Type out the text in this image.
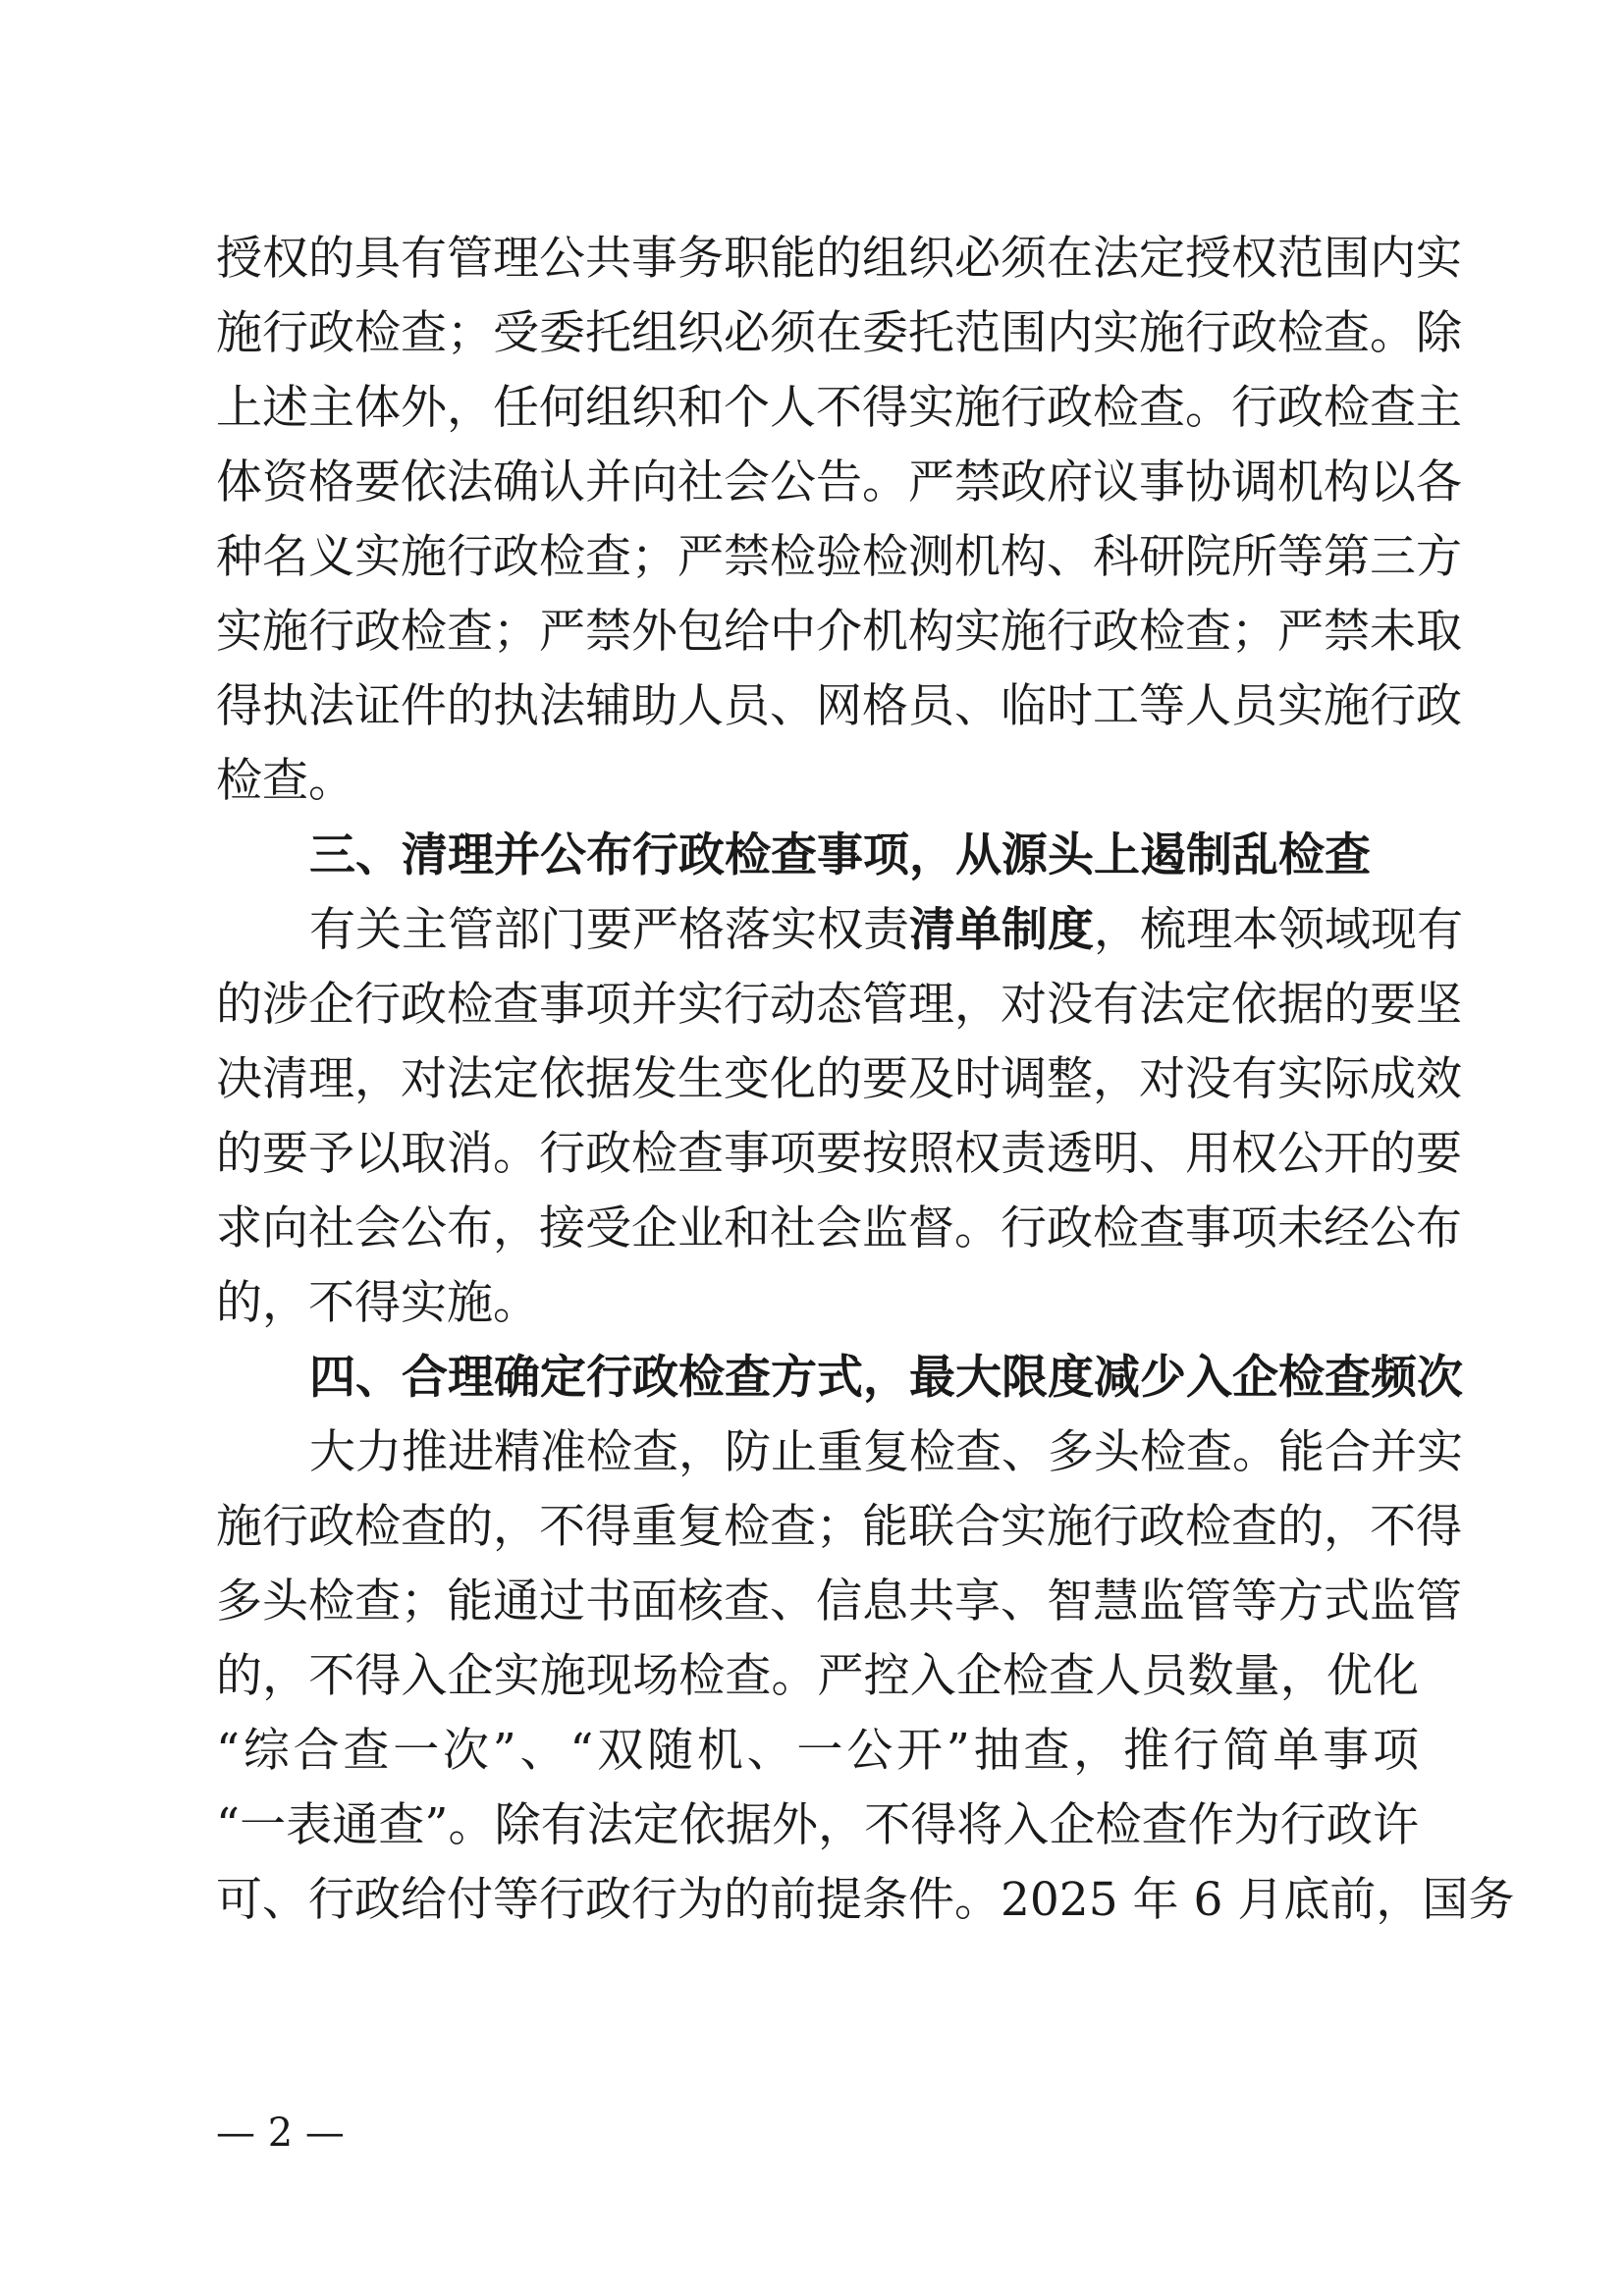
授权的具有管理公共事务职能的组织必须在法定授权范围内实
施行政检查；受委托组织必须在委托范围内实施行政检查。除
上述主体外，任何组织和个人不得实施行政检查。行政检查主
体资格要依法确认并向社会公告。严禁政府议事协调机构以各
种名义实施行政检查；严禁检验检测机构、科研院所等第三方
实施行政检查；严禁外包给中介机构实施行政检查；严禁未取
得执法证件的执法辅助人员、网格员、临时工等人员实施行政
检查。
三、清理并公布行政检查事项，从源头上遏制乱检查
有关主管部门要严格落实权责清单制度，梳理本领域现有
的涉企行政检查事项并实行动态管理，对没有法定依据的要坚
决清理，对法定依据发生变化的要及时调整，对没有实际成效
的要予以取消。行政检查事项要按照权责透明、用权公开的要
求向社会公布，接受企业和社会监督。行政检查事项未经公布
的，不得实施。
四、合理确定行政检查方式，最大限度减少入企检查频次
大力推进精准检查，防止重复检查、多头检查。能合并实
施行政检查的，不得重复检查；能联合实施行政检查的，不得
多头检查；能通过书面核查、信息共享、智慧监管等方式监管
的，不得入企实施现场检查。严控入企检查人员数量，优化
“综合查一次”、“双随机、一公开”抽查，推行简单事项
“一表通查”。除有法定依据外，不得将入企检查作为行政许
可、行政给付等行政行为的前提条件。2025 年 6 月底前，国务
— 2 —
